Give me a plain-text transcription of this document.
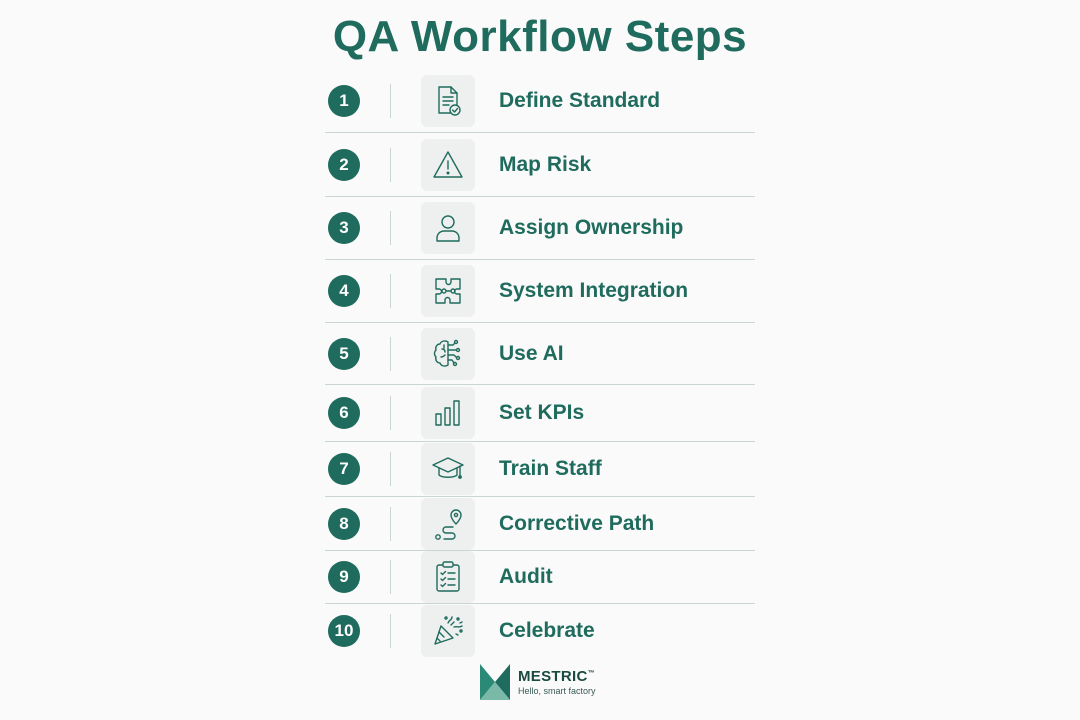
QA Workflow Steps
1	Define Standard
2	Map Risk
3	Assign Ownership
4	System Integration
5	Use AI
6	Set KPIs
7	Train Staff
8	Corrective Path
9	Audit
10	Celebrate
MESTRIC™
Hello, smart factory
